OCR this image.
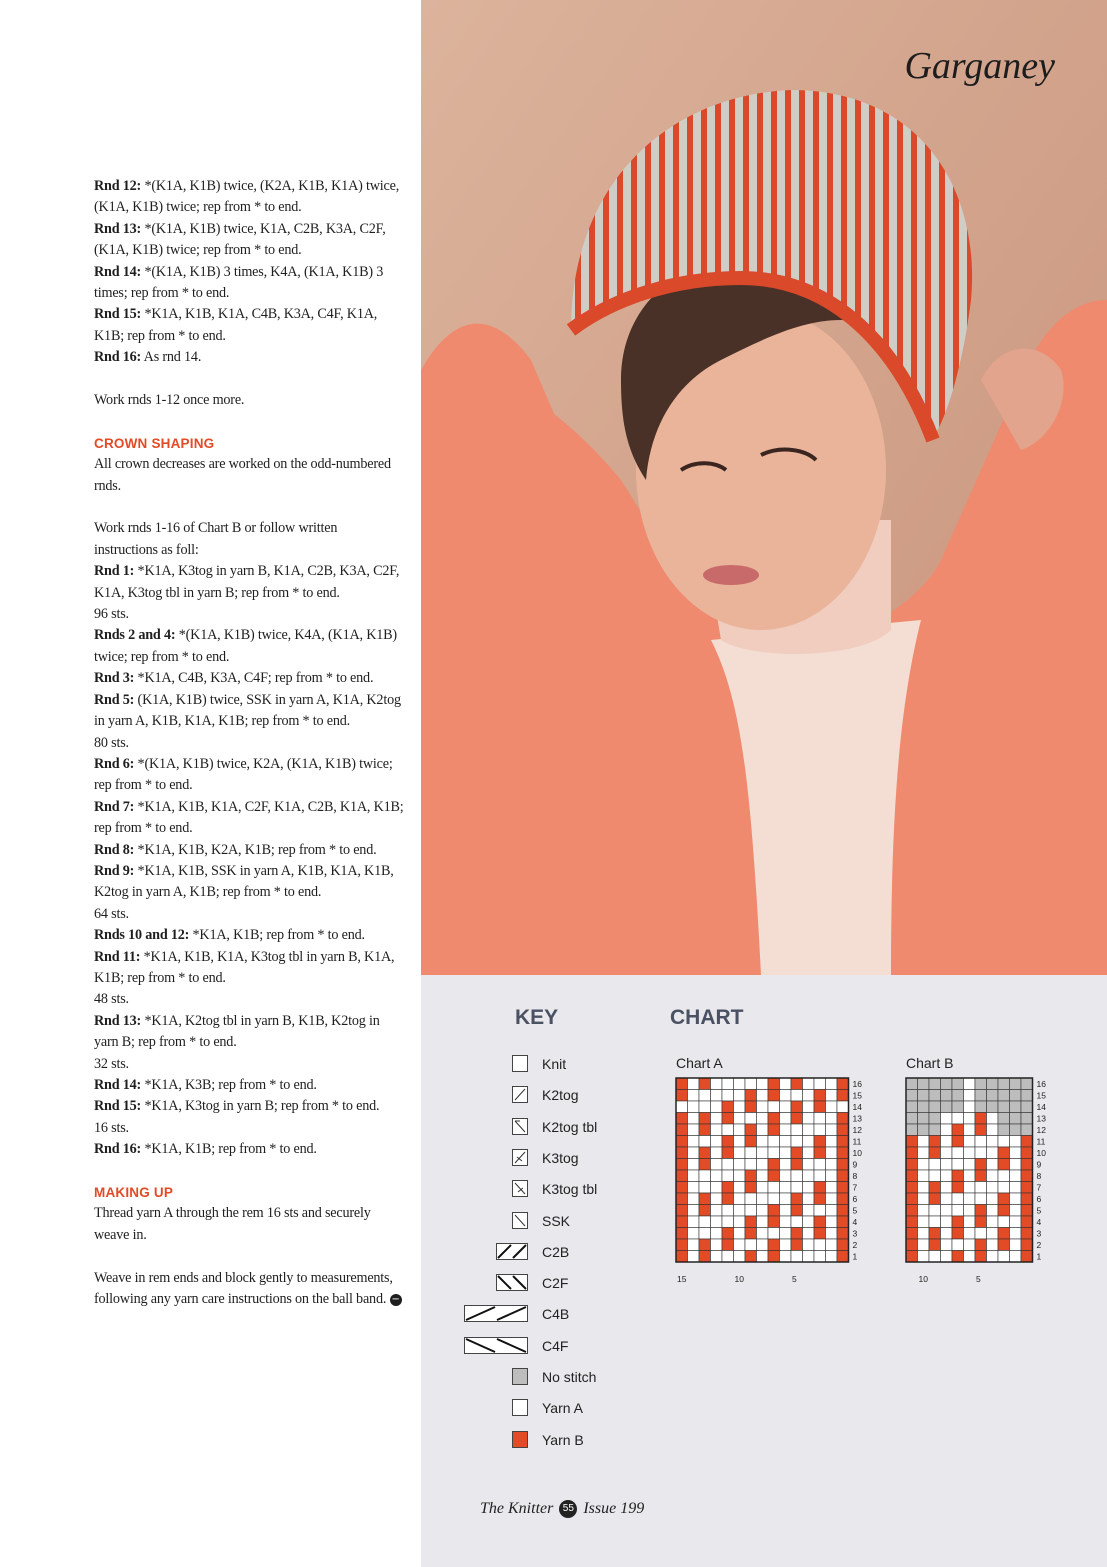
Rnd 12: *(K1A, K1B) twice, (K2A, K1B, K1A) twice, (K1A, K1B) twice; rep from * to end.

Rnd 13: *(K1A, K1B) twice, K1A, C2B, K3A, C2F, (K1A, K1B) twice; rep from * to end.

Rnd 14: *(K1A, K1B) 3 times, K4A, (K1A, K1B) 3 times; rep from * to end.

Rnd 15: *K1A, K1B, K1A, C4B, K3A, C4F, K1A, K1B; rep from * to end.

Rnd 16: As rnd 14.

Work rnds 1-12 once more.

CROWN SHAPING

All crown decreases are worked on the odd-numbered rnds.

Work rnds 1-16 of Chart B or follow written instructions as foll:

Rnd 1: *K1A, K3tog in yarn B, K1A, C2B, K3A, C2F, K1A, K3tog tbl in yarn B; rep from * to end.

96 sts.

Rnds 2 and 4: *(K1A, K1B) twice, K4A, (K1A, K1B) twice; rep from * to end.

Rnd 3: *K1A, C4B, K3A, C4F; rep from * to end.

Rnd 5: (K1A, K1B) twice, SSK in yarn A, K1A, K2tog in yarn A, K1B, K1A, K1B; rep from * to end.

80 sts.

Rnd 6: *(K1A, K1B) twice, K2A, (K1A, K1B) twice; rep from * to end.

Rnd 7: *K1A, K1B, K1A, C2F, K1A, C2B, K1A, K1B; rep from * to end.

Rnd 8: *K1A, K1B, K2A, K1B; rep from * to end.

Rnd 9: *K1A, K1B, SSK in yarn A, K1B, K1A, K1B, K2tog in yarn A, K1B; rep from * to end.

64 sts.

Rnds 10 and 12: *K1A, K1B; rep from * to end.

Rnd 11: *K1A, K1B, K1A, K3tog tbl in yarn B, K1A, K1B; rep from * to end.

48 sts.

Rnd 13: *K1A, K2tog tbl in yarn B, K1B, K2tog in yarn B; rep from * to end.

32 sts.

Rnd 14: *K1A, K3B; rep from * to end.

Rnd 15: *K1A, K3tog in yarn B; rep from * to end.

16 sts.

Rnd 16: *K1A, K1B; rep from * to end.

MAKING UP

Thread yarn A through the rem 16 sts and securely weave in.

Weave in rem ends and block gently to measurements, following any yarn care instructions on the ball band. −

Garganey
KEY	CHART
Knit
K2tog
K2tog tbl
K3tog
K3tog tbl
SSK
C2B
C2F
C4B
C4F
No stitch
Yarn A
Yarn B
Chart A	Chart B
16
15
14
13
12
11
10
9
8
7
6
5
4
3
2
1
15	10	5
16
15
14
13
12
11
10
9
8
7
6
5
4
3
2
1
10	5
The Knitter 55 Issue 199
